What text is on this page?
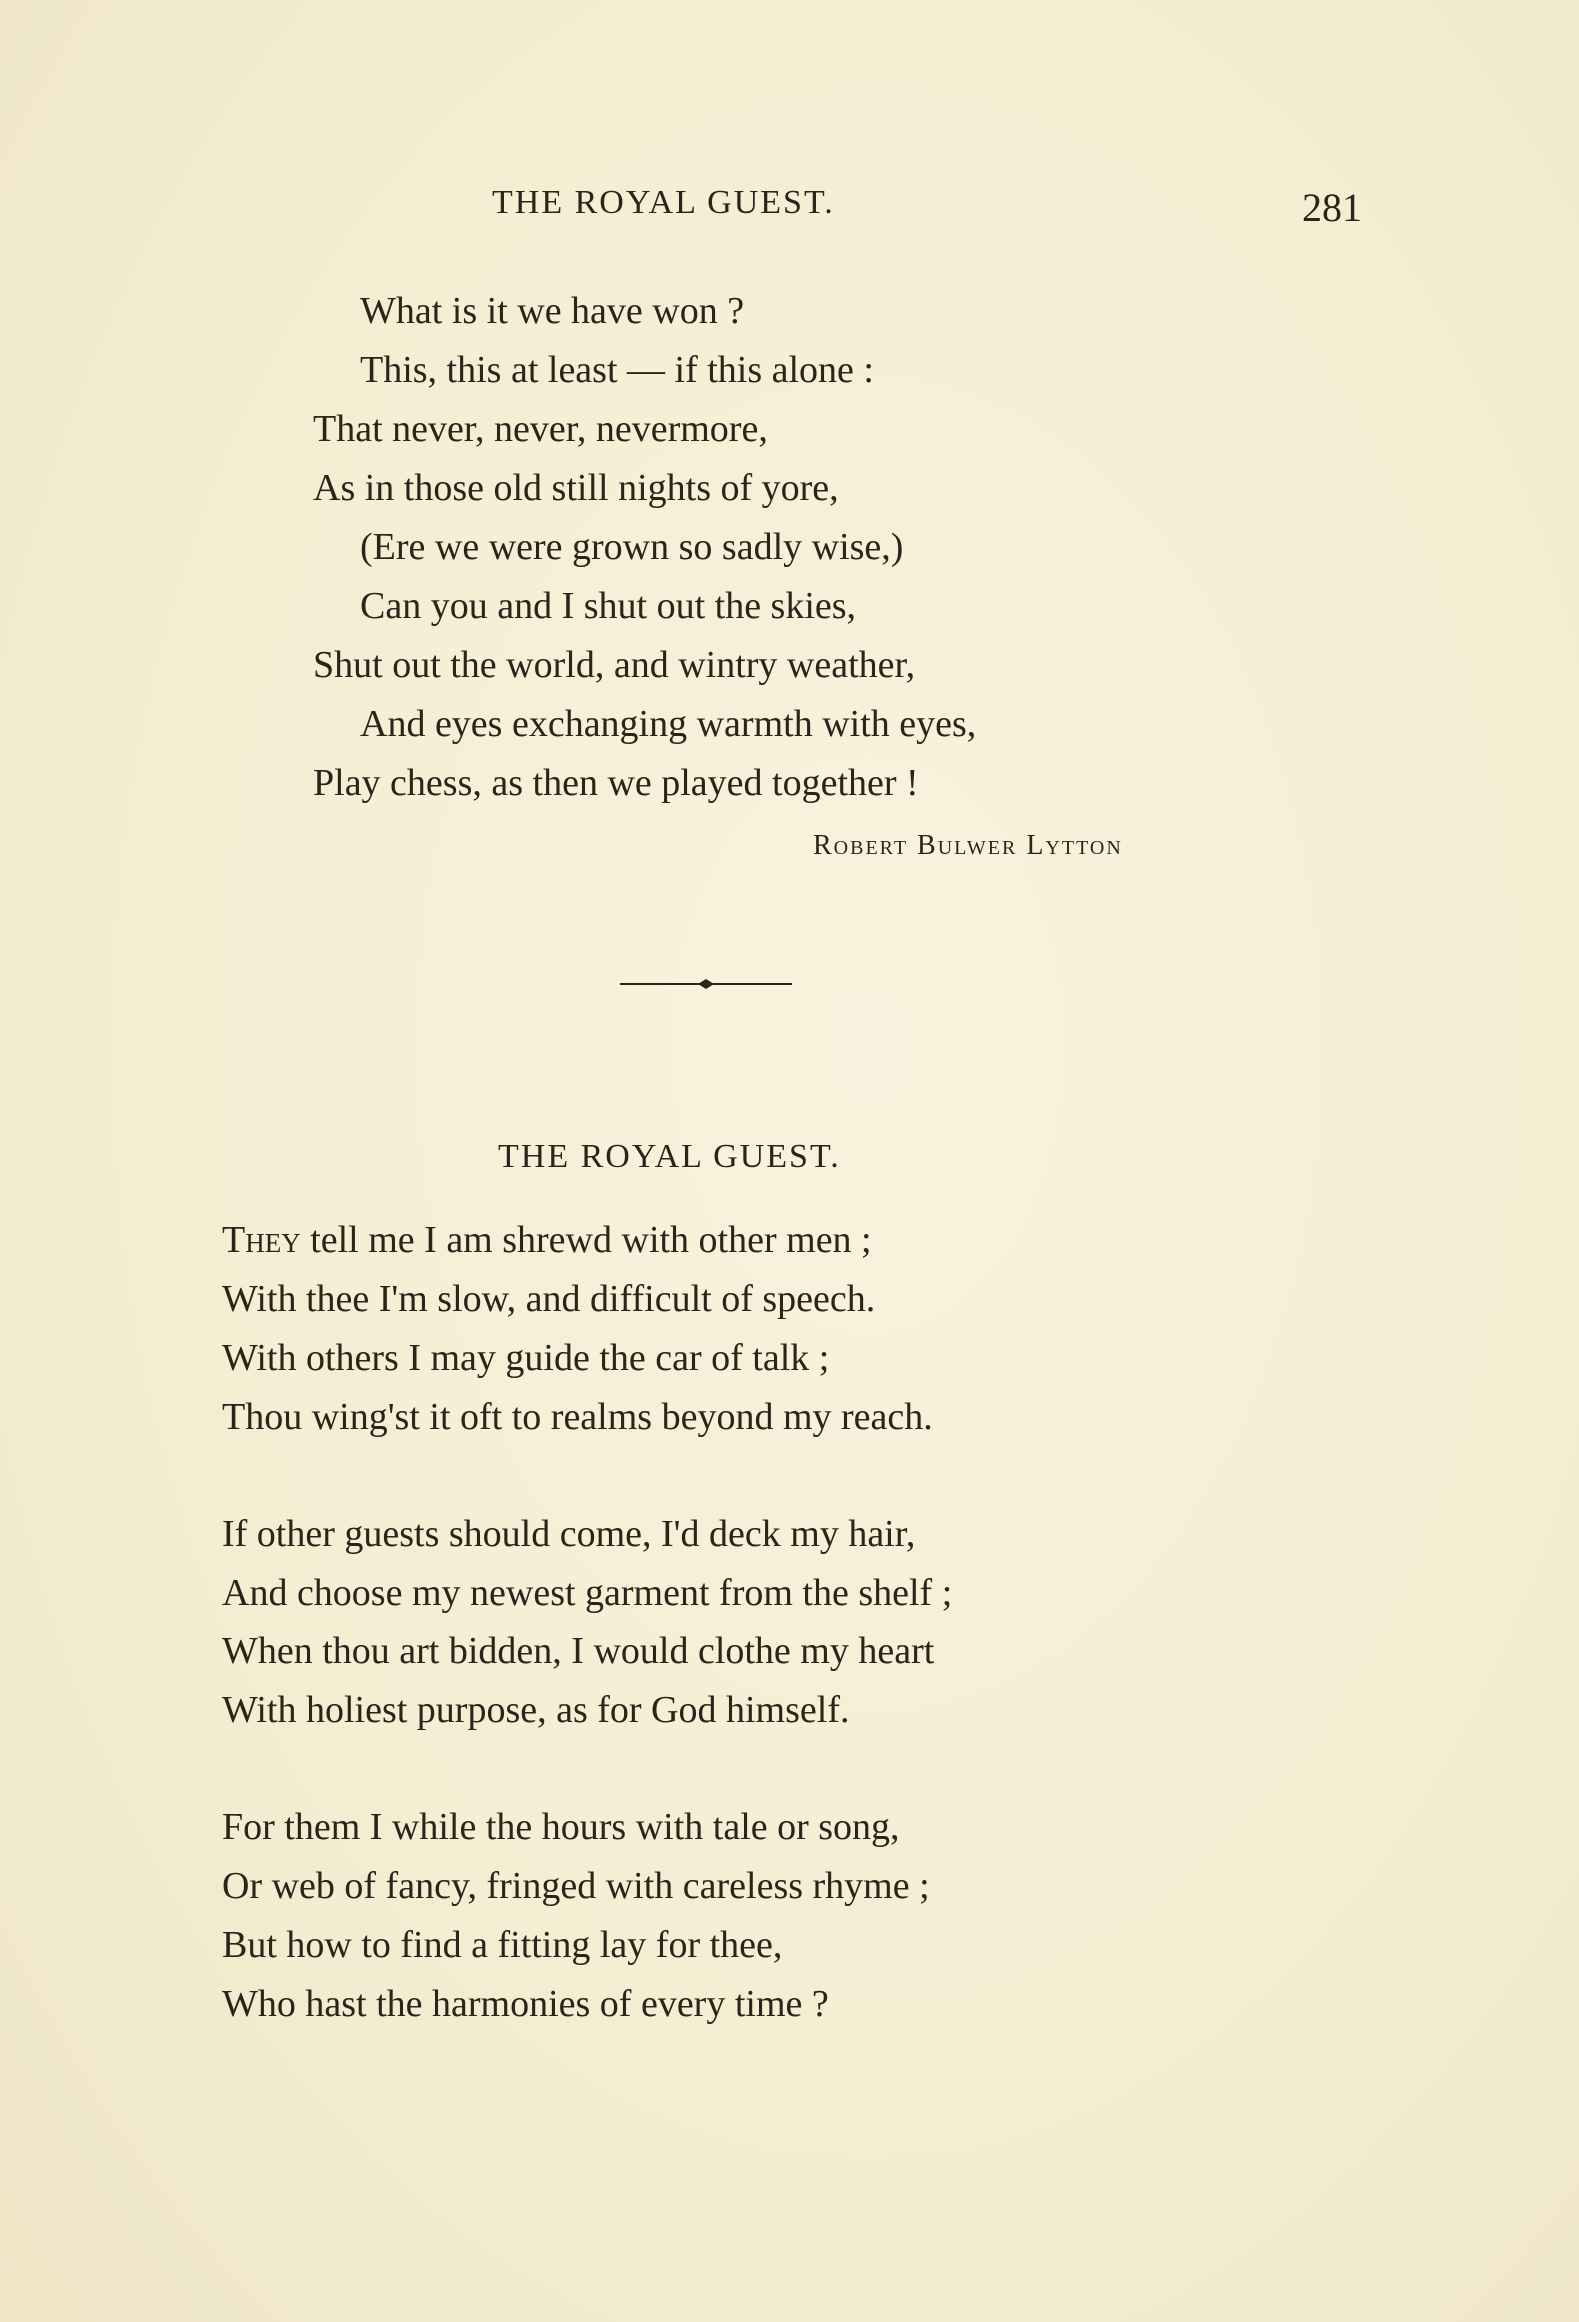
THE ROYAL GUEST.	281
What is it we have won ?
This, this at least — if this alone :
That never, never, nevermore,
As in those old still nights of yore,
(Ere we were grown so sadly wise,)
Can you and I shut out the skies,
Shut out the world, and wintry weather,
And eyes exchanging warmth with eyes,
Play chess, as then we played together !
Robert Bulwer Lytton
THE ROYAL GUEST.
They tell me I am shrewd with other men ;
With thee I'm slow, and difficult of speech.
With others I may guide the car of talk ;
Thou wing'st it oft to realms beyond my reach.
If other guests should come, I'd deck my hair,
And choose my newest garment from the shelf ;
When thou art bidden, I would clothe my heart
With holiest purpose, as for God himself.
For them I while the hours with tale or song,
Or web of fancy, fringed with careless rhyme ;
But how to find a fitting lay for thee,
Who hast the harmonies of every time ?
